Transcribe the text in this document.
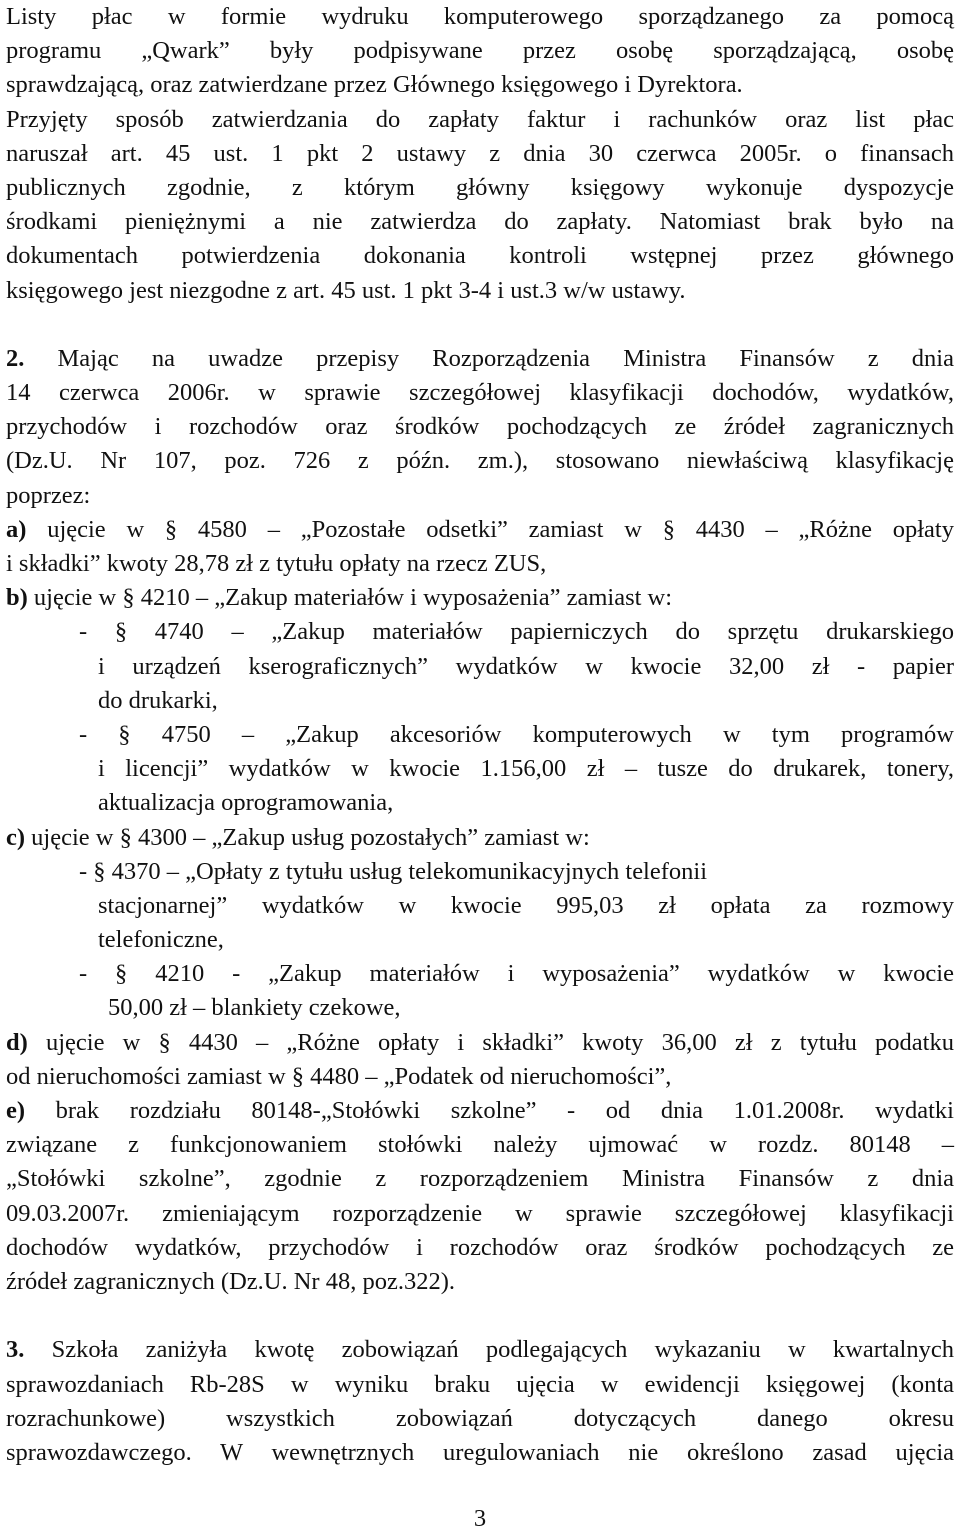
Listy płac w formie wydruku komputerowego sporządzanego za pomocą
programu „Qwark” były podpisywane przez osobę sporządzającą, osobę
sprawdzającą, oraz zatwierdzane przez Głównego księgowego i Dyrektora.
Przyjęty sposób zatwierdzania do zapłaty faktur i rachunków oraz list płac
naruszał art. 45 ust. 1 pkt 2 ustawy z dnia 30 czerwca 2005r. o finansach
publicznych zgodnie, z którym główny księgowy wykonuje dyspozycje
środkami pieniężnymi a nie zatwierdza do zapłaty. Natomiast brak było na
dokumentach potwierdzenia dokonania kontroli wstępnej przez głównego
księgowego jest niezgodne z art. 45 ust. 1 pkt 3-4 i ust.3 w/w ustawy.
2. Mając na uwadze przepisy Rozporządzenia Ministra Finansów z dnia
14 czerwca 2006r. w sprawie szczegółowej klasyfikacji dochodów, wydatków,
przychodów i rozchodów oraz środków pochodzących ze źródeł zagranicznych
(Dz.U. Nr 107, poz. 726 z późn. zm.), stosowano niewłaściwą klasyfikację
poprzez:
a) ujęcie w § 4580 – „Pozostałe odsetki” zamiast w § 4430 – „Różne opłaty
i składki” kwoty 28,78 zł z tytułu opłaty na rzecz ZUS,
b) ujęcie w § 4210 – „Zakup materiałów i wyposażenia” zamiast w:
- § 4740 – „Zakup materiałów papierniczych do sprzętu drukarskiego
i urządzeń kserograficznych” wydatków w kwocie 32,00 zł - papier
do drukarki,
- § 4750 – „Zakup akcesoriów komputerowych w tym programów
i licencji” wydatków w kwocie 1.156,00 zł – tusze do drukarek, tonery,
aktualizacja oprogramowania,
c) ujęcie w § 4300 – „Zakup usług pozostałych” zamiast w:
- § 4370 – „Opłaty z tytułu usług telekomunikacyjnych telefonii
stacjonarnej” wydatków w kwocie 995,03 zł opłata za rozmowy
telefoniczne,
- § 4210 - „Zakup materiałów i wyposażenia” wydatków w kwocie
50,00 zł – blankiety czekowe,
d) ujęcie w § 4430 – „Różne opłaty i składki” kwoty 36,00 zł z tytułu podatku
od nieruchomości zamiast w § 4480 – „Podatek od nieruchomości”,
e) brak rozdziału 80148-„Stołówki szkolne” - od dnia 1.01.2008r. wydatki
związane z funkcjonowaniem stołówki należy ujmować w rozdz. 80148 –
„Stołówki szkolne”, zgodnie z rozporządzeniem Ministra Finansów z dnia
09.03.2007r. zmieniającym rozporządzenie w sprawie szczegółowej klasyfikacji
dochodów wydatków, przychodów i rozchodów oraz środków pochodzących ze
źródeł zagranicznych (Dz.U. Nr 48, poz.322).
3. Szkoła zaniżyła kwotę zobowiązań podlegających wykazaniu w kwartalnych
sprawozdaniach Rb-28S w wyniku braku ujęcia w ewidencji księgowej (konta
rozrachunkowe) wszystkich zobowiązań dotyczących danego okresu
sprawozdawczego. W wewnętrznych uregulowaniach nie określono zasad ujęcia
3
